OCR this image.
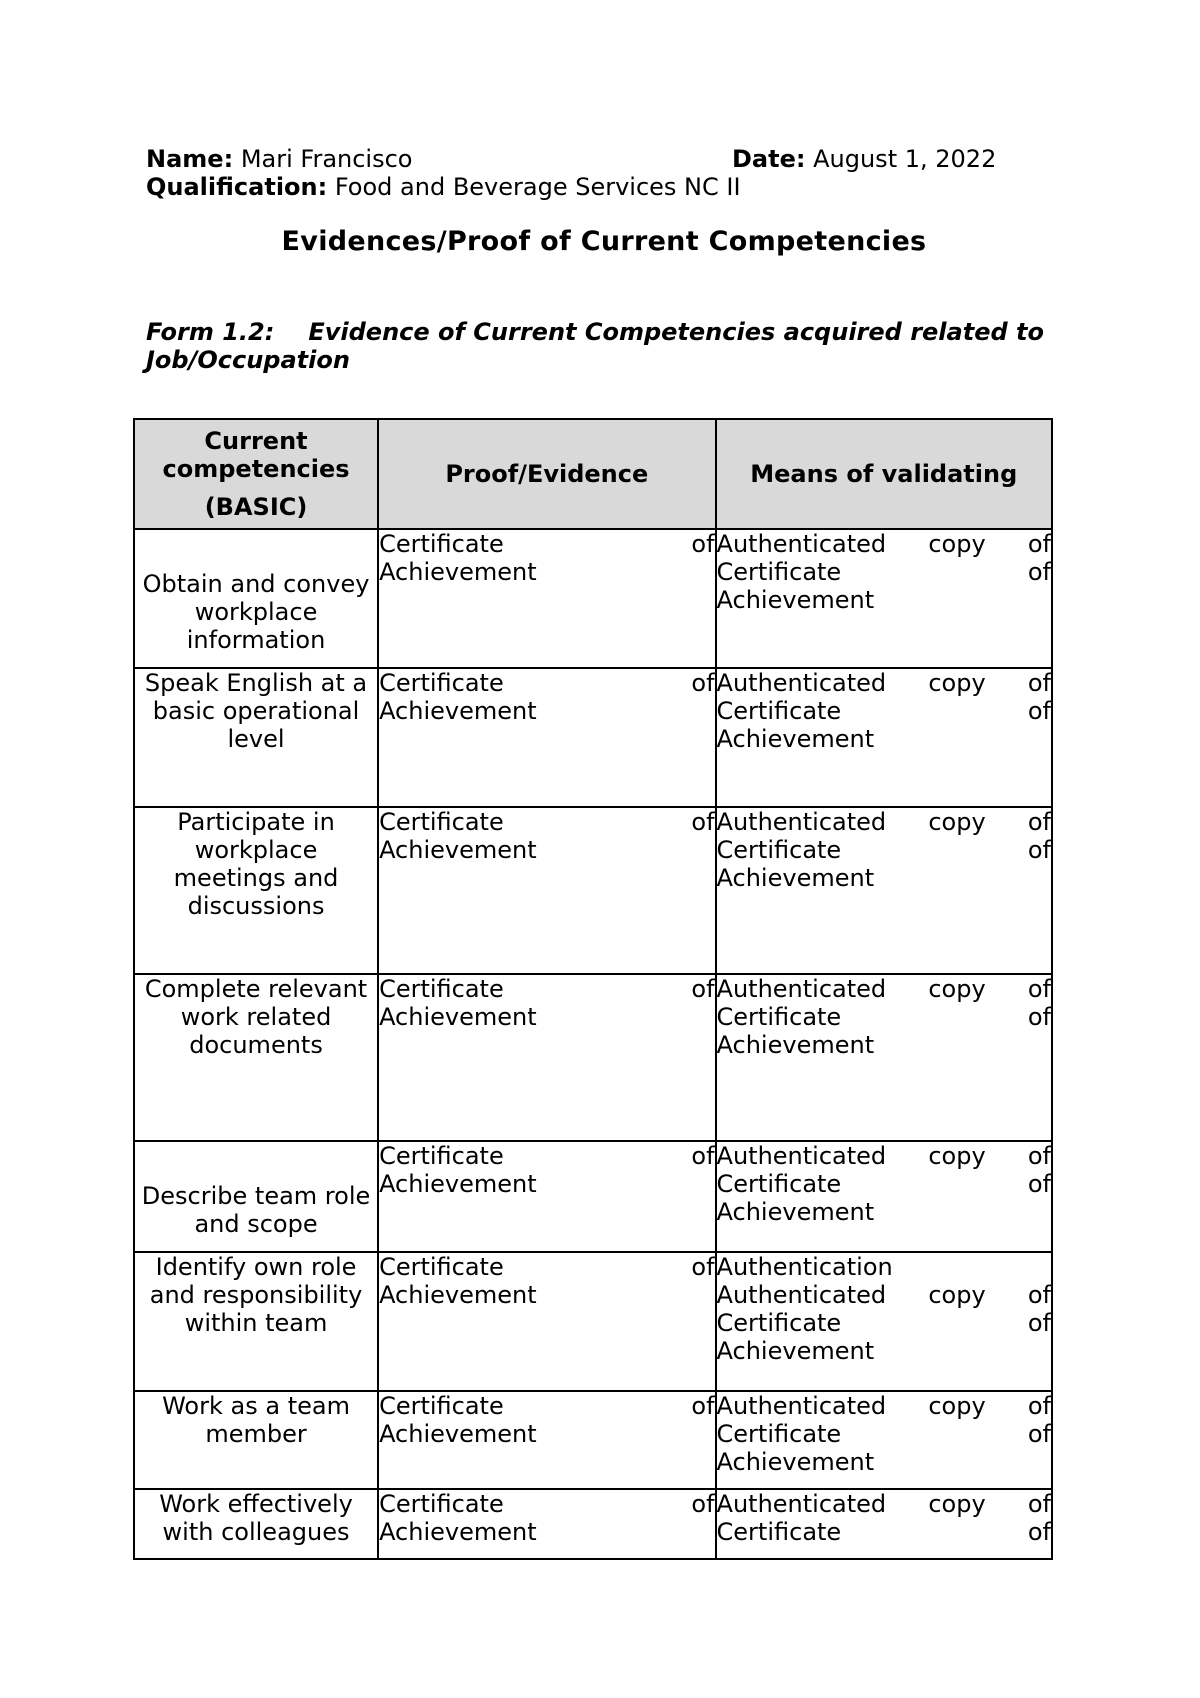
Name: Mari Francisco	Date: August 1, 2022
Qualification: Food and Beverage Services NC II
Evidences/Proof of Current Competencies
Form 1.2: Evidence of Current Competencies acquired related to Job/Occupation
Current competencies
(BASIC)	Proof/Evidence	Means of validating
Obtain and convey workplace information	Certificate of
Achievement	Authenticated copy of
Certificate of
Achievement

Speak English at a basic operational level	Certificate of
Achievement	Authenticated copy of
Certificate of
Achievement

Participate in workplace meetings and discussions	Certificate of
Achievement	Authenticated copy of
Certificate of
Achievement

Complete relevant work related documents	Certificate of
Achievement	Authenticated copy of
Certificate of
Achievement

Describe team role and scope	Certificate of
Achievement	Authenticated copy of
Certificate of
Achievement

Identify own role and responsibility within team	Certificate of
Achievement	Authentication
Authenticated copy of
Certificate of
Achievement

Work as a team member	Certificate of
Achievement	Authenticated copy of
Certificate of
Achievement

Work effectively with colleagues	Certificate of
Achievement	Authenticated copy of
Certificate of
